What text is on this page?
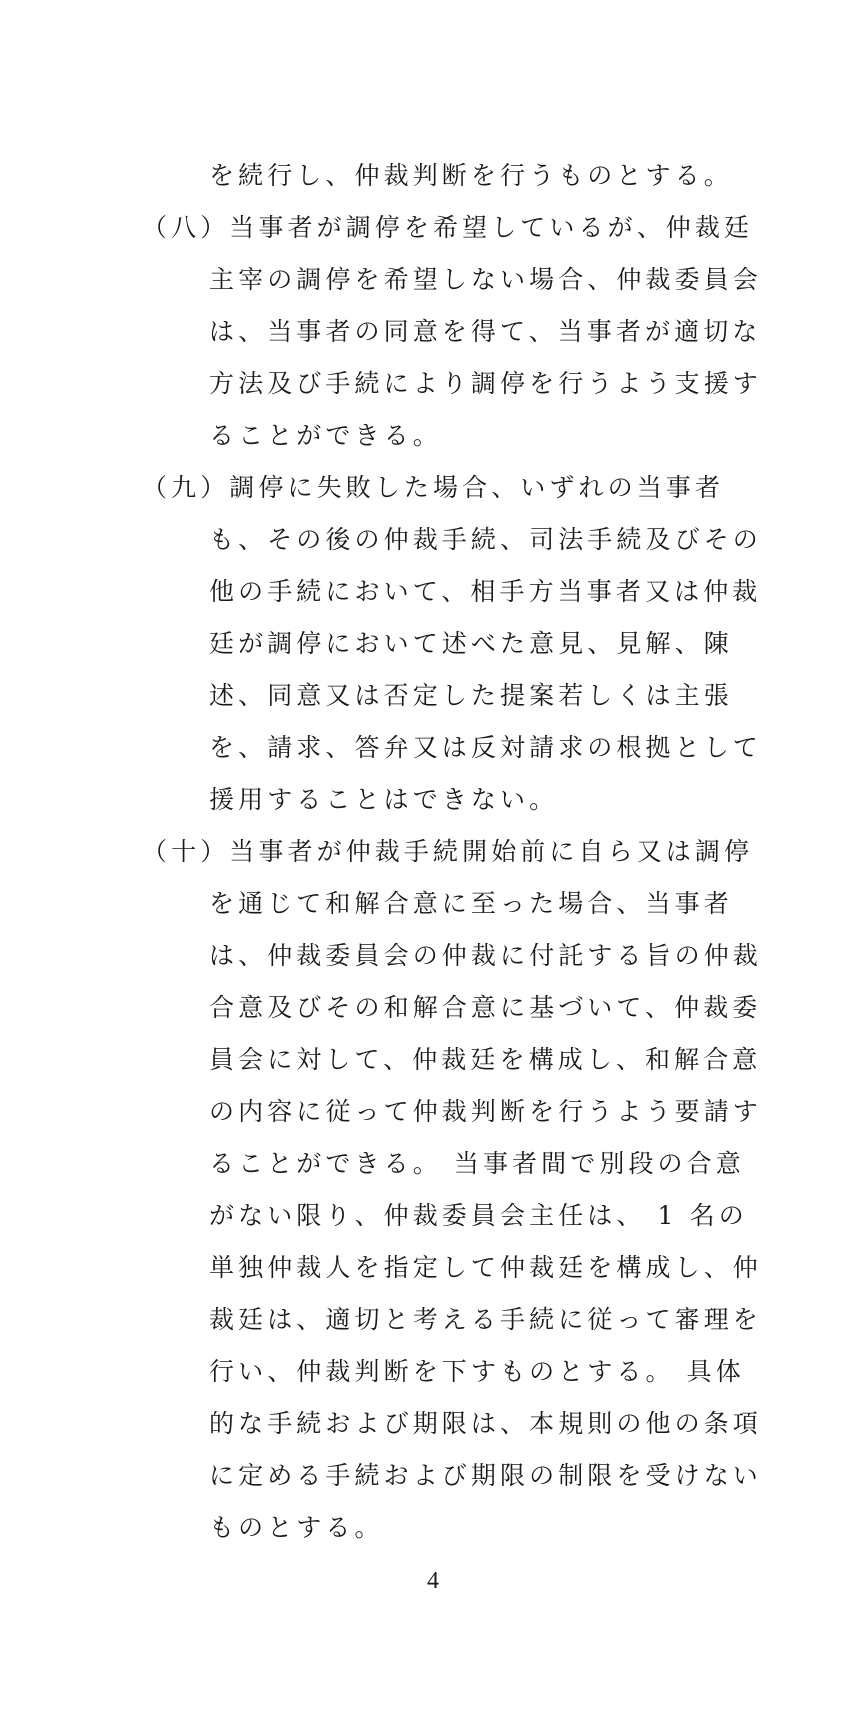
を続行し、仲裁判断を行うものとする。
（八）当事者が調停を希望しているが、仲裁廷
主宰の調停を希望しない場合、仲裁委員会
は、当事者の同意を得て、当事者が適切な
方法及び手続により調停を行うよう支援す
ることができる。
（九）調停に失敗した場合、いずれの当事者
も、その後の仲裁手続、司法手続及びその
他の手続において、相手方当事者又は仲裁
廷が調停において述べた意見、見解、陳
述、同意又は否定した提案若しくは主張
を、請求、答弁又は反対請求の根拠として
援用することはできない。
（十）当事者が仲裁手続開始前に自ら又は調停
を通じて和解合意に至った場合、当事者
は、仲裁委員会の仲裁に付託する旨の仲裁
合意及びその和解合意に基づいて、仲裁委
員会に対して、仲裁廷を構成し、和解合意
の内容に従って仲裁判断を行うよう要請す
ることができる。 当事者間で別段の合意
がない限り、仲裁委員会主任は、 1 名の
単独仲裁人を指定して仲裁廷を構成し、仲
裁廷は、適切と考える手続に従って審理を
行い、仲裁判断を下すものとする。 具体
的な手続および期限は、本規則の他の条項
に定める手続および期限の制限を受けない
ものとする。
4
